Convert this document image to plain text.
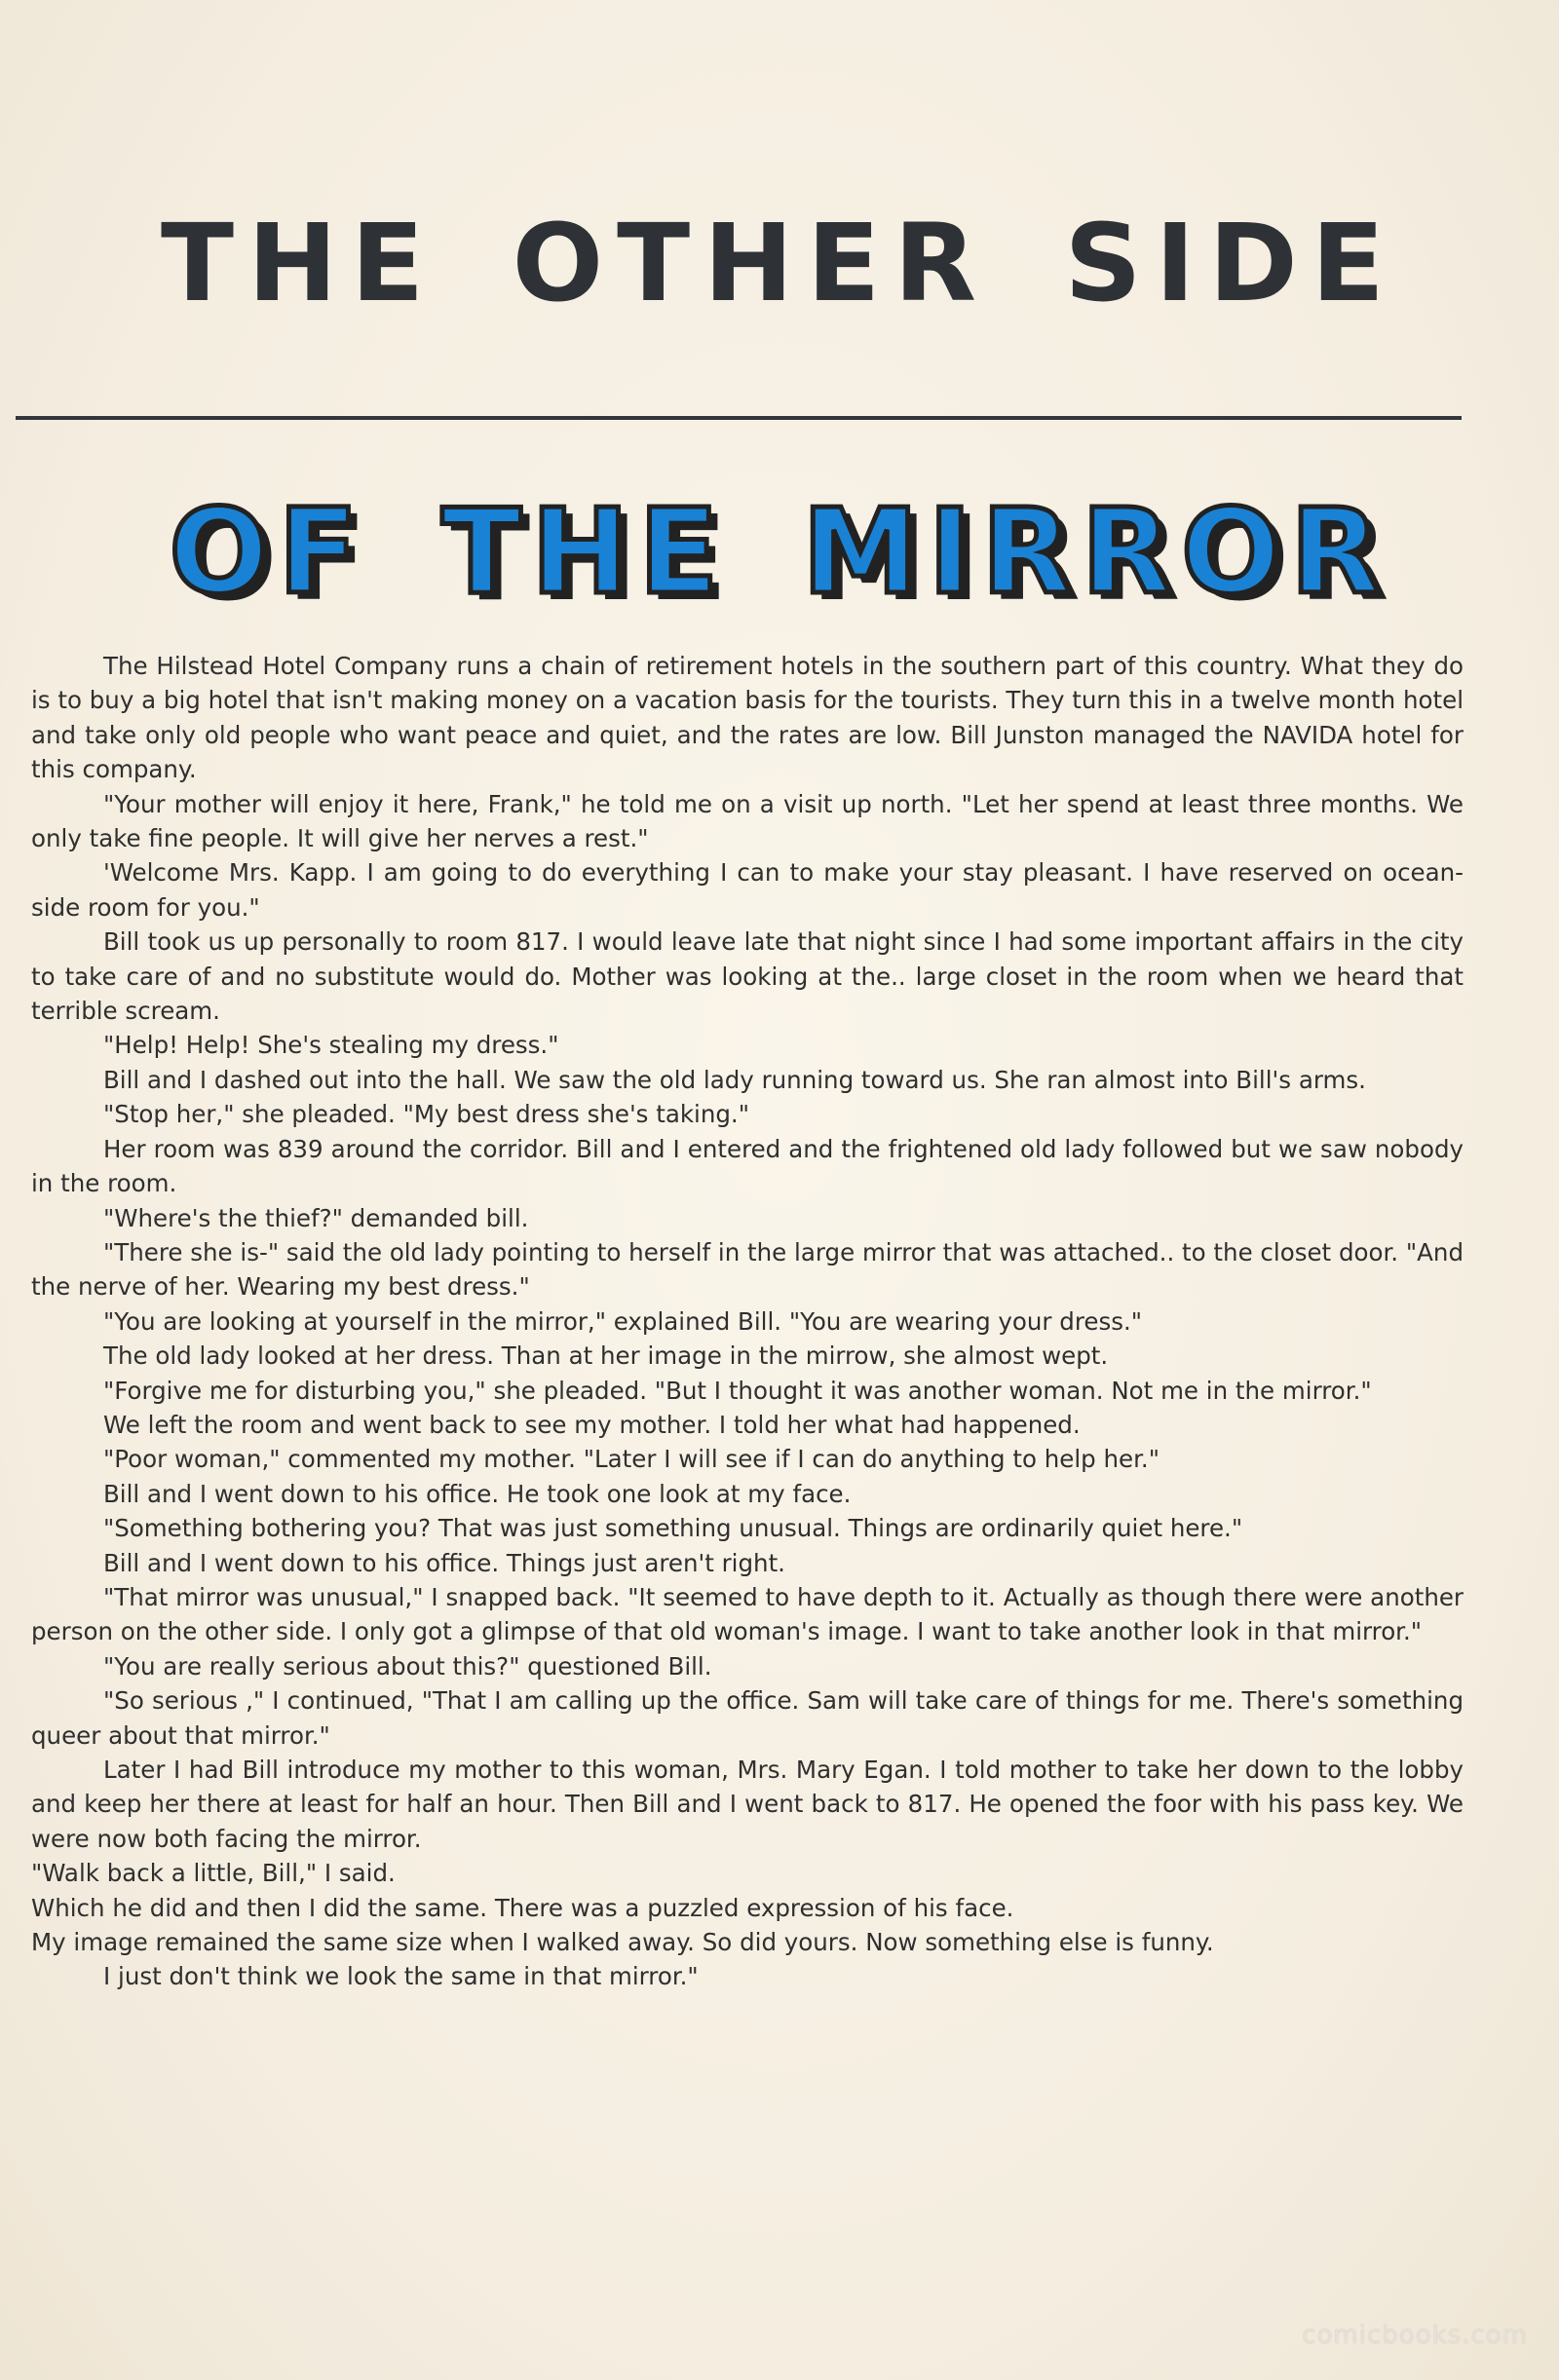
THE OTHER SIDE
OF THE MIRROR

The Hilstead Hotel Company runs a chain of retirement hotels in the southern part of this country. What they do is to buy a big hotel that isn't making money on a vacation basis for the tourists. They turn this in a twelve month hotel and take only old people who want peace and quiet, and the rates are low. Bill Junston managed the NAVIDA hotel for this company.

"Your mother will enjoy it here, Frank," he told me on a visit up north. "Let her spend at least three months. We only take fine people. It will give her nerves a rest."

'Welcome Mrs. Kapp. I am going to do everything I can to make your stay pleasant. I have reserved on ocean-side room for you."

Bill took us up personally to room 817. I would leave late that night since I had some important affairs in the city to take care of and no substitute would do. Mother was looking at the.. large closet in the room when we heard that terrible scream.

"Help! Help! She's stealing my dress."

Bill and I dashed out into the hall. We saw the old lady running toward us. She ran almost into Bill's arms.

"Stop her," she pleaded. "My best dress she's taking."

Her room was 839 around the corridor. Bill and I entered and the frightened old lady followed but we saw nobody in the room.

"Where's the thief?" demanded bill.

"There she is-" said the old lady pointing to herself in the large mirror that was attached.. to the closet door. "And the nerve of her. Wearing my best dress."

"You are looking at yourself in the mirror," explained Bill. "You are wearing your dress."

The old lady looked at her dress. Than at her image in the mirrow, she almost wept.

"Forgive me for disturbing you," she pleaded. "But I thought it was another woman. Not me in the mirror."

We left the room and went back to see my mother. I told her what had happened.

"Poor woman," commented my mother. "Later I will see if I can do anything to help her."

Bill and I went down to his office. He took one look at my face.

"Something bothering you? That was just something unusual. Things are ordinarily quiet here."

Bill and I went down to his office. Things just aren't right.

"That mirror was unusual," I snapped back. "It seemed to have depth to it. Actually as though there were another person on the other side. I only got a glimpse of that old woman's image. I want to take another look in that mirror."

"You are really serious about this?" questioned Bill.

"So serious ," I continued, "That I am calling up the office. Sam will take care of things for me. There's something queer about that mirror."

Later I had Bill introduce my mother to this woman, Mrs. Mary Egan. I told mother to take her down to the lobby and keep her there at least for half an hour. Then Bill and I went back to 817. He opened the foor with his pass key. We were now both facing the mirror.

"Walk back a little, Bill," I said.

Which he did and then I did the same. There was a puzzled expression of his face.

My image remained the same size when I walked away. So did yours. Now something else is funny.

I just don't think we look the same in that mirror."

comicbooks.com
